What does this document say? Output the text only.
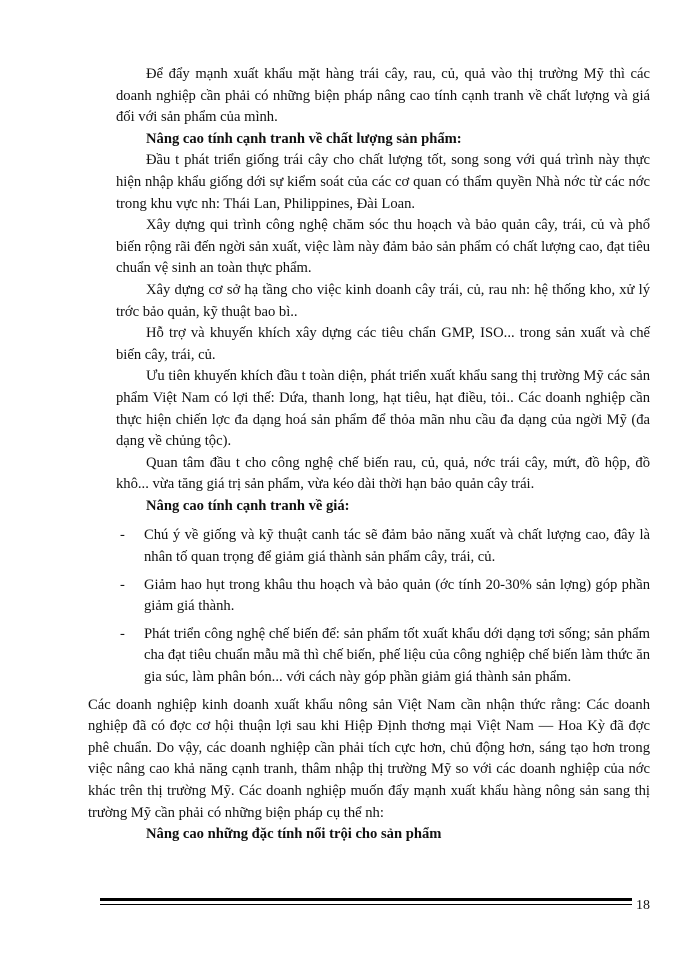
Để đẩy mạnh xuất khẩu mặt hàng trái cây, rau, củ, quả vào thị trường Mỹ thì các doanh nghiệp cần phải có những biện pháp nâng cao tính cạnh tranh về chất lượng và giá đối với sản phẩm của mình.

Nâng cao tính cạnh tranh về chất lượng sản phẩm:

Đầu t phát triển giống trái cây cho chất lượng tốt, song song với quá trình này thực hiện nhập khẩu giống dới sự kiểm soát của các cơ quan có thẩm quyền Nhà nớc từ các nớc trong khu vực nh: Thái Lan, Philippines, Đài Loan.

Xây dựng qui trình công nghệ chăm sóc thu hoạch và bảo quản cây, trái, củ và phổ biến rộng rãi đến ngời sản xuất, việc làm này đảm bảo sản phẩm có chất lượng cao, đạt tiêu chuẩn vệ sinh an toàn thực phẩm.

Xây dựng cơ sở hạ tầng cho việc kinh doanh cây trái, củ, rau nh: hệ thống kho, xử lý trớc bảo quản, kỹ thuật bao bì..

Hỗ trợ và khuyến khích xây dựng các tiêu chẩn GMP, ISO... trong sản xuất và chế biến cây, trái, củ.

Ưu tiên khuyến khích đầu t toàn diện, phát triển xuất khẩu sang thị trường Mỹ các sản phẩm Việt Nam có lợi thế: Dứa, thanh long, hạt tiêu, hạt điều, tỏi.. Các doanh nghiệp cần thực hiện chiến lợc đa dạng hoá sản phẩm để thỏa mãn nhu cầu đa dạng của ngời Mỹ (đa dạng về chủng tộc).

Quan tâm đầu t cho công nghệ chế biến rau, củ, quả, nớc trái cây, mứt, đồ hộp, đồ khô... vừa tăng giá trị sản phẩm, vừa kéo dài thời hạn bảo quản cây trái.

Nâng cao tính cạnh tranh về giá:

- Chú ý về giống và kỹ thuật canh tác sẽ đảm bảo năng xuất và chất lượng cao, đây là nhân tố quan trọng để giảm giá thành sản phẩm cây, trái, củ.
- Giảm hao hụt trong khâu thu hoạch và bảo quản (ớc tính 20-30% sản lợng) góp phần giảm giá thành.
- Phát triển công nghệ chế biến để: sản phẩm tốt xuất khẩu dới dạng tơi sống; sản phẩm cha đạt tiêu chuẩn mẫu mã thì chế biến, phế liệu của công nghiệp chế biến làm thức ăn gia súc, làm phân bón... với cách này góp phần giảm giá thành sản phẩm.

Các doanh nghiệp kinh doanh xuất khẩu nông sản Việt Nam cần nhận thức rằng: Các doanh nghiệp đã có đợc cơ hội thuận lợi sau khi Hiệp Định thơng mại Việt Nam — Hoa Kỳ đã đợc phê chuẩn. Do vậy, các doanh nghiệp cần phải tích cực hơn, chủ động hơn, sáng tạo hơn trong việc nâng cao khả năng cạnh tranh, thâm nhập thị trường Mỹ so với các doanh nghiệp của nớc khác trên thị trường Mỹ. Các doanh nghiệp muốn đẩy mạnh xuất khẩu hàng nông sản sang thị trường Mỹ cần phải có những biện pháp cụ thể nh:

Nâng cao những đặc tính nổi trội cho sản phẩm

18
